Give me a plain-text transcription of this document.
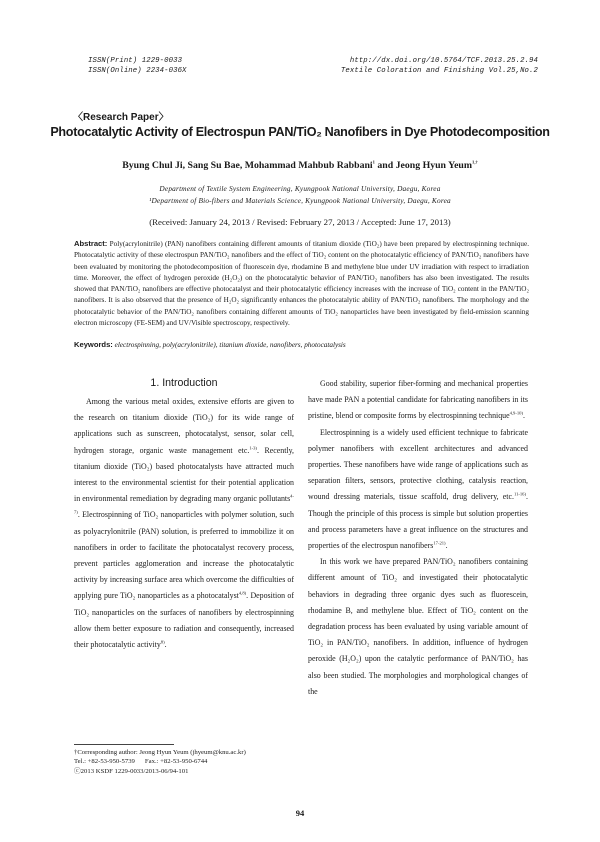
ISSN(Print) 1229-0033
ISSN(Online) 2234-036X
http://dx.doi.org/10.5764/TCF.2013.25.2.94
Textile Coloration and Finishing Vol.25,No.2
〈Research Paper〉
Photocatalytic Activity of Electrospun PAN/TiO₂ Nanofibers in Dye Photodecomposition
Byung Chul Ji, Sang Su Bae, Mohammad Mahbub Rabbani$^1$ and Jeong Hyun Yeum$^{1,\dagger}$
Department of Textile System Engineering, Kyungpook National University, Daegu, Korea
¹Department of Bio-fibers and Materials Science, Kyungpook National University, Daegu, Korea
(Received: January 24, 2013 / Revised: February 27, 2013 / Accepted: June 17, 2013)
Abstract: Poly(acrylonitrile) (PAN) nanofibers containing different amounts of titanium dioxide (TiO₂) have been prepared by electrospinning technique. Photocatalytic activity of these electrospun PAN/TiO₂ nanofibers and the effect of TiO₂ content on the photocatalytic efficiency of PAN/TiO₂ nanofibers have been evaluated by monitoring the photodecomposition of fluorescein dye, rhodamine B and methylene blue under UV irradiation with respect to irradiation time. Moreover, the effect of hydrogen peroxide (H₂O₂) on the photocatalytic behavior of PAN/TiO₂ nanofibers has also been investigated. The results showed that PAN/TiO₂ nanofibers are effective photocatalyst and their photocatalytic efficiency increases with the increase of TiO₂ content in the PAN/TiO₂ nanofibers. It is also observed that the presence of H₂O₂ significantly enhances the photocatalytic ability of PAN/TiO₂ nanofibers. The morphology and the photocatalytic behavior of the PAN/TiO₂ nanofibers containing different amounts of TiO₂ nanoparticles have been investigated by field-emission scanning electron microscopy (FE-SEM) and UV/Visible spectroscopy, respectively.
Keywords: electrospinning, poly(acrylonitrile), titanium dioxide, nanofibers, photocatalysis
1. Introduction

Among the various metal oxides, extensive efforts are given to the research on titanium dioxide (TiO₂) for its wide range of applications such as sunscreen, photocatalyst, sensor, solar cell, hydrogen storage, organic waste management etc.$^{1-3)}$. Recently, titanium dioxide (TiO₂) based photocatalysts have attracted much interest to the environmental scientist for their potential application in environmental remediation by degrading many organic pollutants$^{4-7)}$. Electrospinning of TiO₂ nanoparticles with polymer solution, such as polyacrylonitrile (PAN) solution, is preferred to immobilize it on nanofibers in order to facilitate the photocatalyst recovery process, prevent particles agglomeration and increase the photocatalytic activity by increasing surface area which overcome the difficulties of applying pure TiO₂ nanoparticles as a photocatalyst$^{4,8)}$. Deposition of TiO₂ nanoparticles on the surfaces of nanofibers by electrospinning allow them better exposure to radiation and consequently, increased their photocatalytic activity$^{8)}$.

Good stability, superior fiber-forming and mechanical properties have made PAN a potential candidate for fabricating nanofibers in its pristine, blend or composite forms by electrospinning technique$^{4,9-10)}$.

Electrospinning is a widely used efficient technique to fabricate polymer nanofibers with excellent architectures and advanced properties. These nanofibers have wide range of applications such as separation filters, sensors, protective clothing, catalysis reaction, wound dressing materials, tissue scaffold, drug delivery, etc.$^{11-16)}$. Though the principle of this process is simple but solution properties and process parameters have a great influence on the structures and properties of the electrospun nanofibers$^{17-21)}$.

In this work we have prepared PAN/TiO₂ nanofibers containing different amount of TiO₂ and investigated their photocatalytic behaviors in degrading three organic dyes such as fluorescein, rhodamine B, and methylene blue. Effect of TiO₂ content on the degradation process has been evaluated by using variable amount of TiO₂ in PAN/TiO₂ nanofibers. In addition, influence of hydrogen peroxide (H₂O₂) upon the catalytic performance of PAN/TiO₂ has also been studied. The morphologies and morphological changes of the

†Corresponding author: Jeong Hyun Yeum (jhyeum@knu.ac.kr)
Tel.: +82-53-950-5739 Fax.: +82-53-950-6744
ⓒ2013 KSDF 1229-0033/2013-06/94-101
94
